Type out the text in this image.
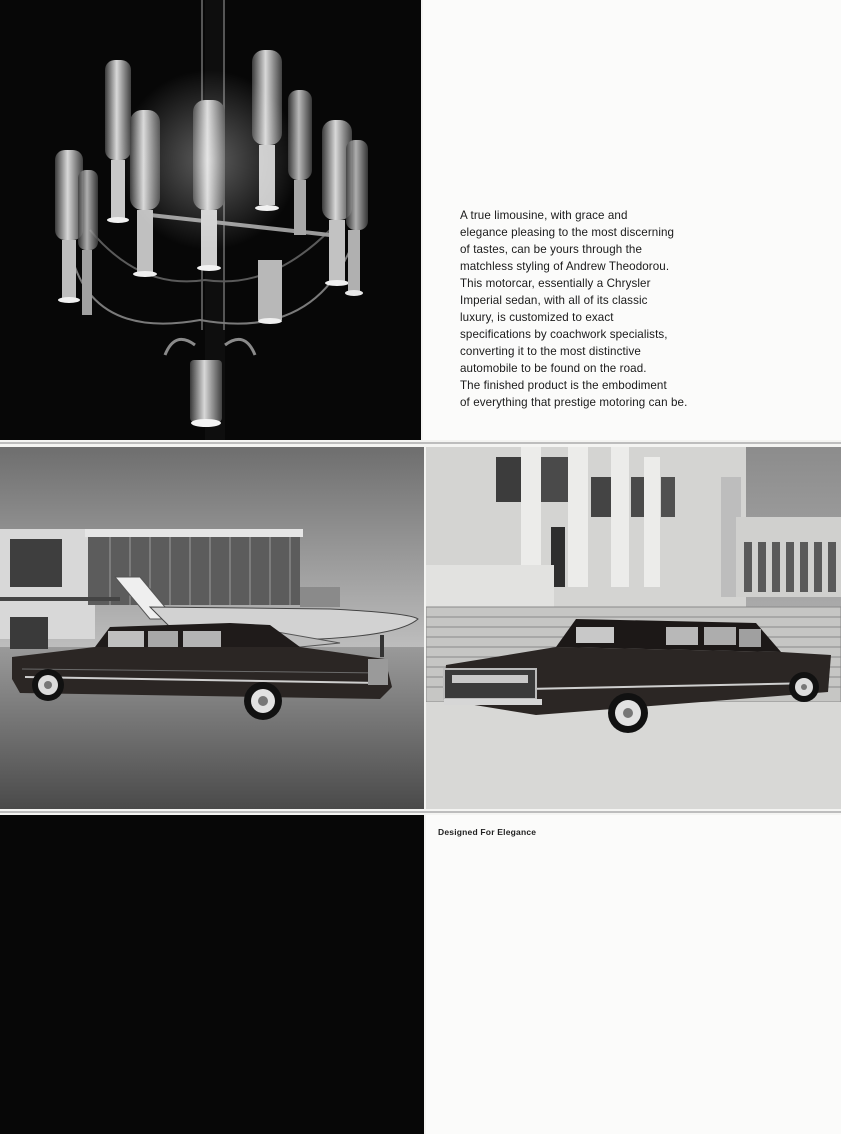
A true limousine, with grace and
elegance pleasing to the most discerning
of tastes, can be yours through the
matchless styling of Andrew Theodorou.
This motorcar, essentially a Chrysler
Imperial sedan, with all of its classic
luxury, is customized to exact
specifications by coachwork specialists,
converting it to the most distinctive
automobile to be found on the road.
The finished product is the embodiment
of everything that prestige motoring can be.
Designed For Elegance
